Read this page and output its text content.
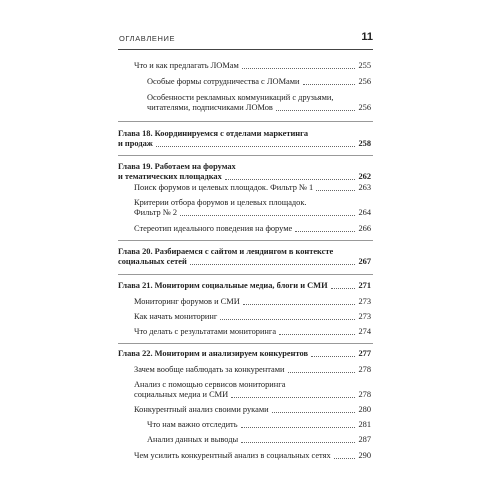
ОГЛАВЛЕНИЕ	11
Что и как предлагать ЛОМам	255
Особые формы сотрудничества с ЛОМами	256
Особенности рекламных коммуникаций с друзьями,
читателями, подписчиками ЛОМов	256
Глава 18. Координируемся с отделами маркетинга
и продаж	258
Глава 19. Работаем на форумах
и тематических площадках	262
Поиск форумов и целевых площадок. Фильтр № 1	263
Критерии отбора форумов и целевых площадок.
Фильтр № 2	264
Стереотип идеального поведения на форуме	266
Глава 20. Разбираемся с сайтом и лендингом в контексте
социальных сетей	267
Глава 21. Мониторим социальные медиа, блоги и СМИ	271
Мониторинг форумов и СМИ	273
Как начать мониторинг	273
Что делать с результатами мониторинга	274
Глава 22. Мониторим и анализируем конкурентов	277
Зачем вообще наблюдать за конкурентами	278
Анализ с помощью сервисов мониторинга
социальных медиа и СМИ	278
Конкурентный анализ своими руками	280
Что нам важно отследить	281
Анализ данных и выводы	287
Чем усилить конкурентный анализ в социальных сетях	290
